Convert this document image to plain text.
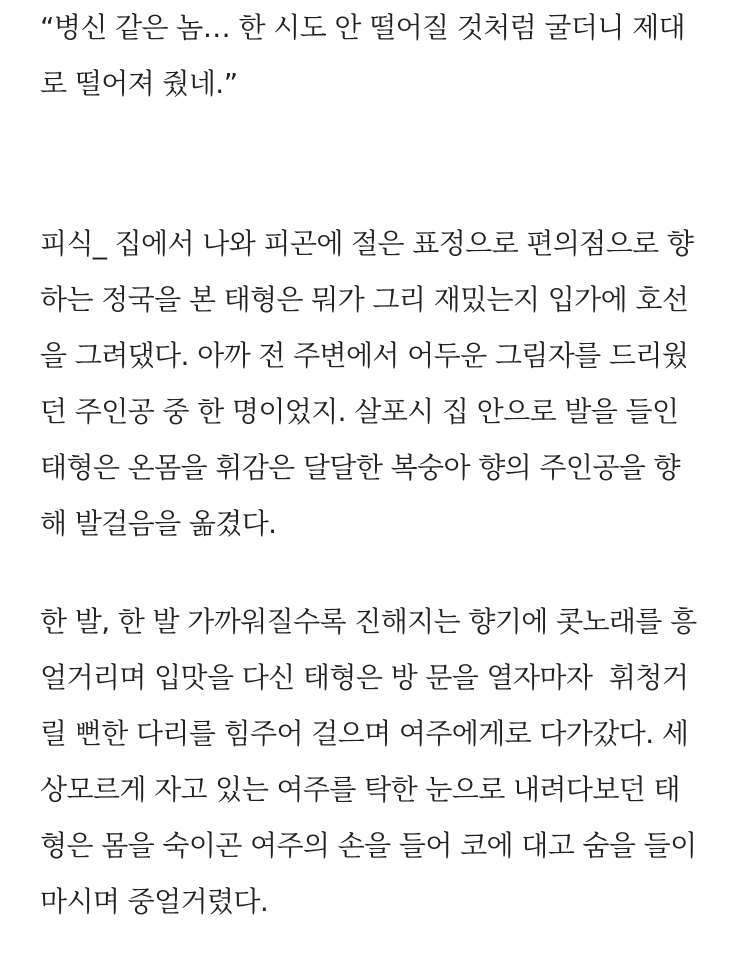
“병신 같은 놈… 한 시도 안 떨어질 것처럼 굴더니 제대
로 떨어져 줬네.”
피식_ 집에서 나와 피곤에 절은 표정으로 편의점으로 향
하는 정국을 본 태형은 뭐가 그리 재밌는지 입가에 호선
을 그려댔다. 아까 전 주변에서 어두운 그림자를 드리웠
던 주인공 중 한 명이었지. 살포시 집 안으로 발을 들인
태형은 온몸을 휘감은 달달한 복숭아 향의 주인공을 향
해 발걸음을 옮겼다.
한 발, 한 발 가까워질수록 진해지는 향기에 콧노래를 흥
얼거리며 입맛을 다신 태형은 방 문을 열자마자  휘청거
릴 뻔한 다리를 힘주어 걸으며 여주에게로 다가갔다. 세
상모르게 자고 있는 여주를 탁한 눈으로 내려다보던 태
형은 몸을 숙이곤 여주의 손을 들어 코에 대고 숨을 들이
마시며 중얼거렸다.
